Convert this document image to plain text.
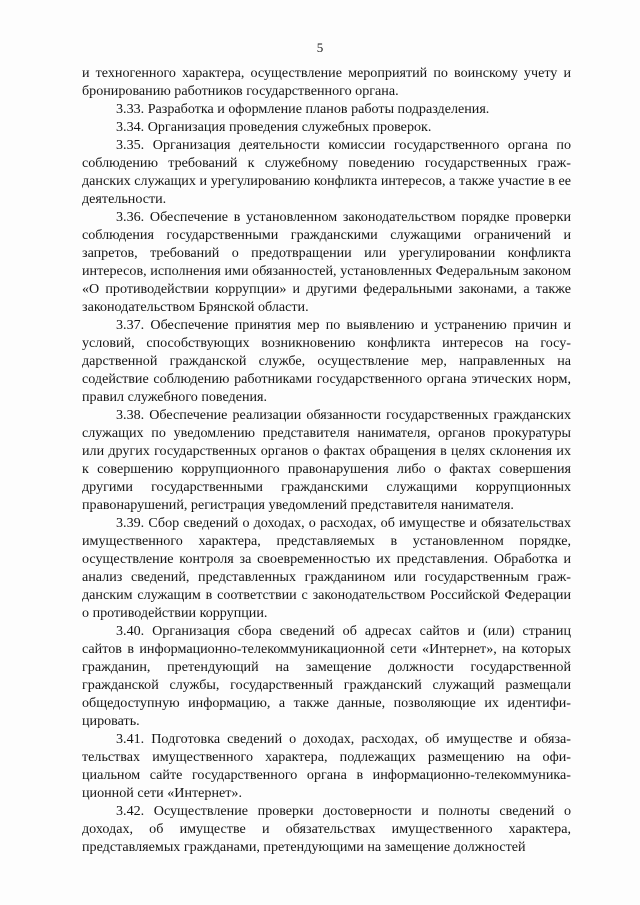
5

и техногенного характера, осуществление мероприятий по воинскому учету и бронированию работников государственного органа.

3.33. Разработка и оформление планов работы подразделения.

3.34. Организация проведения служебных проверок.

3.35. Организация деятельности комиссии государственного органа по соблюдению требований к служебному поведению государственных гражданских служащих и урегулированию конфликта интересов, а также участие в ее деятельности.

3.36. Обеспечение в установленном законодательством порядке проверки соблюдения государственными гражданскими служащими ограничений и запретов, требований о предотвращении или урегулировании конфликта интересов, исполнения ими обязанностей, установленных Федеральным законом «О противодействии коррупции» и другими федеральными законами, а также законодательством Брянской области.

3.37. Обеспечение принятия мер по выявлению и устранению причин и условий, способствующих возникновению конфликта интересов на государственной гражданской службе, осуществление мер, направленных на содействие соблюдению работниками государственного органа этических норм, правил служебного поведения.

3.38. Обеспечение реализации обязанности государственных гражданских служащих по уведомлению представителя нанимателя, органов прокуратуры или других государственных органов о фактах обращения в целях склонения их к совершению коррупционного правонарушения либо о фактах совершения другими государственными гражданскими служащими коррупционных правонарушений, регистрация уведомлений представителя нанимателя.

3.39. Сбор сведений о доходах, о расходах, об имуществе и обязательствах имущественного характера, представляемых в установленном порядке, осуществление контроля за своевременностью их представления. Обработка и анализ сведений, представленных гражданином или государственным гражданским служащим в соответствии с законодательством Российской Федерации о противодействии коррупции.

3.40. Организация сбора сведений об адресах сайтов и (или) страниц сайтов в информационно-телекоммуникационной сети «Интернет», на которых гражданин, претендующий на замещение должности государственной гражданской службы, государственный гражданский служащий размещали общедоступную информацию, а также данные, позволяющие их идентифицировать.

3.41. Подготовка сведений о доходах, расходах, об имуществе и обязательствах имущественного характера, подлежащих размещению на официальном сайте государственного органа в информационно-телекоммуникационной сети «Интернет».

3.42. Осуществление проверки достоверности и полноты сведений о доходах, об имуществе и обязательствах имущественного характера, представляемых гражданами, претендующими на замещение должностей
